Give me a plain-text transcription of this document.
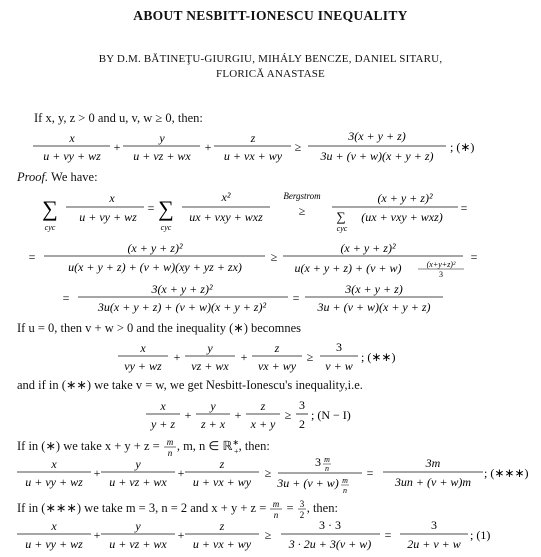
ABOUT NESBITT-IONESCU INEQUALITY
BY D.M. BĂTINEŢU-GIURGIU, MIHÁLY BENCZE, DANIEL SITARU,
FLORICĂ ANASTASE
If x, y, z > 0 and u, v, w ≥ 0, then:
x
u + vy + wz
+
y
u + vz + wx
+
z
u + vx + wy
≥
3(x + y + z)
3u + (v + w)(x + y + z)
; (∗)
Proof. We have:
∑
cyc
x
u + vy + wz
= ∑
cyc
x²
ux + vxy + wxz
Bergstrom
≥
(x + y + z)²
∑
cyc
(ux + vxy + wxz)
=
=
(x + y + z)²
u(x + y + z) + (v + w)(xy + yz + zx)
≥
(x + y + z)²
u(x + y + z) + (v + w)	(x+y+z)²
3
=
=
3(x + y + z)²
3u(x + y + z) + (v + w)(x + y + z)²
=
3(x + y + z)
3u + (v + w)(x + y + z)
If u = 0, then v + w > 0 and the inequality (∗) becomnes
x
vy + wz
+
y
vz + wx
+
z
vx + wy
≥
3
v + w
; (∗∗)
and if in (∗∗) we take v = w, we get Nesbitt-Ionescu's inequality,i.e.
x
y + z
+
y
z + x
+
z
x + y
≥
3
2
; (N − I)
If in (∗) we take x + y + z = m
n , m, n ∈ ℝ∗$_+$, then:
x
u + vy + wz
+
y
u + vz + wx
+
z
u + vx + wy
≥
3 m
n
3u + (v + w) m
n
=
3m
3un + (v + w)m
; (∗∗∗)
If in (∗∗∗) we take m = 3, n = 2 and x + y + z = m
n = 3
2 , then:
x
u + vy + wz
+
y
u + vz + wx
+
z
u + vx + wy
≥
3 · 3
3 · 2u + 3(v + w)
=
3
2u + v + w
; (1)
